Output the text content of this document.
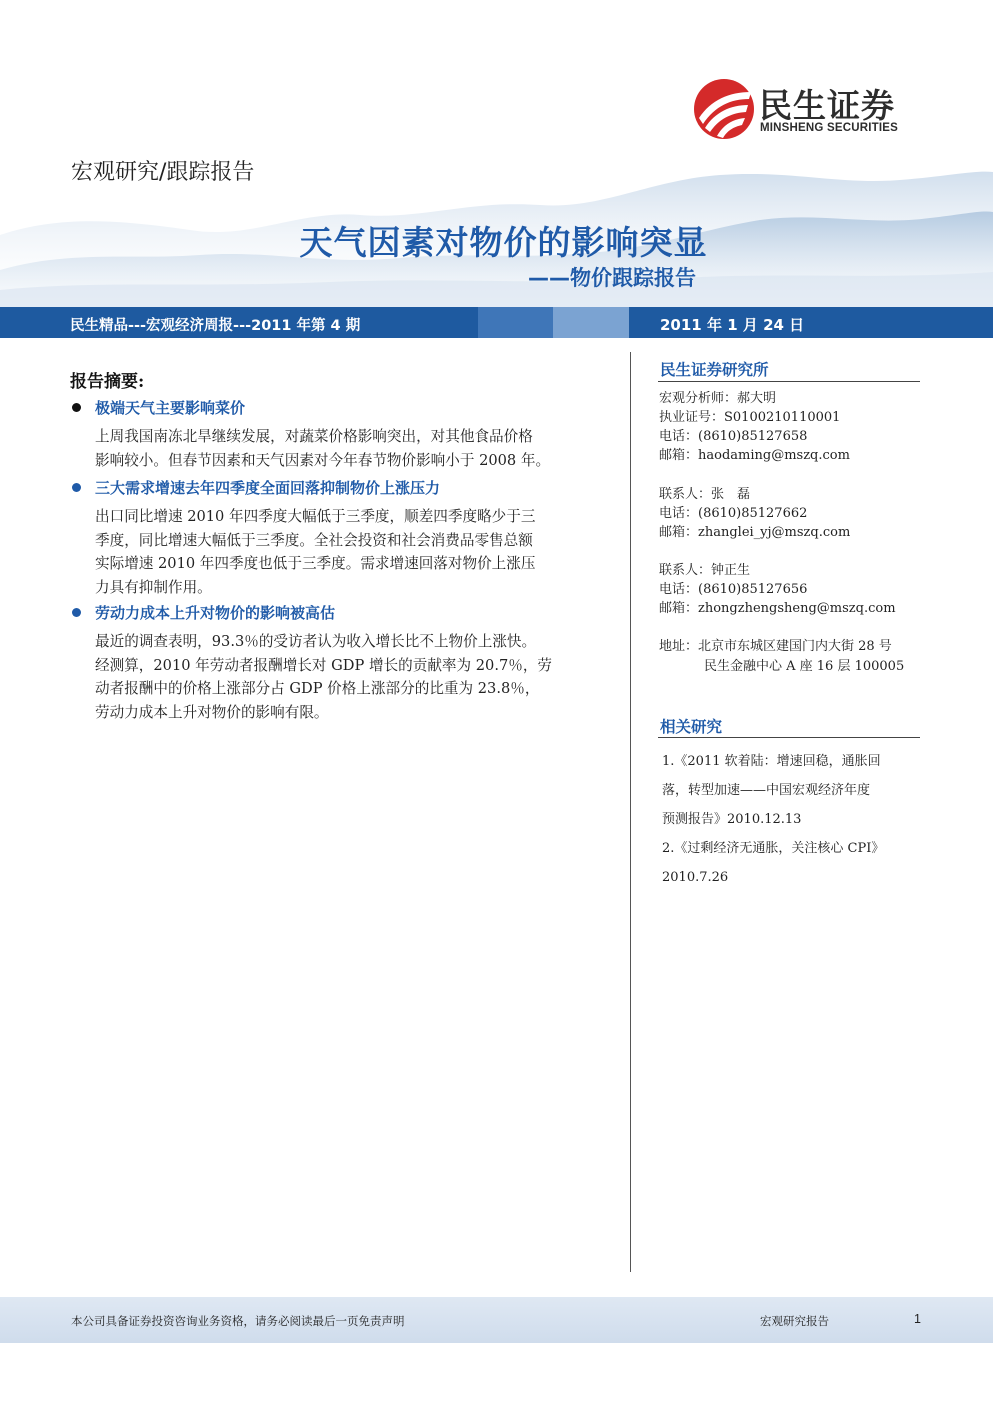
民生证券
MINSHENG SECURITIES
宏观研究/跟踪报告
天气因素对物价的影响突显
——物价跟踪报告
民生精品---宏观经济周报---2011 年第 4 期	2011 年 1 月 24 日
报告摘要:
极端天气主要影响菜价
上周我国南冻北旱继续发展，对蔬菜价格影响突出，对其他食品价格
影响较小。但春节因素和天气因素对今年春节物价影响小于 2008 年。
三大需求增速去年四季度全面回落抑制物价上涨压力
出口同比增速 2010 年四季度大幅低于三季度，顺差四季度略少于三
季度，同比增速大幅低于三季度。全社会投资和社会消费品零售总额
实际增速 2010 年四季度也低于三季度。需求增速回落对物价上涨压
力具有抑制作用。
劳动力成本上升对物价的影响被高估
最近的调查表明，93.3％的受访者认为收入增长比不上物价上涨快。
经测算，2010 年劳动者报酬增长对 GDP 增长的贡献率为 20.7％，劳
动者报酬中的价格上涨部分占 GDP 价格上涨部分的比重为 23.8％，
劳动力成本上升对物价的影响有限。
民生证券研究所
宏观分析师：郝大明
执业证号：S0100210110001
电话：(8610)85127658
邮箱：haodaming@mszq.com
联系人：张　磊
电话：(8610)85127662
邮箱：zhanglei_yj@mszq.com
联系人：钟正生
电话：(8610)85127656
邮箱：zhongzhengsheng@mszq.com
地址：北京市东城区建国门内大街 28 号
民生金融中心 A 座 16 层 100005
相关研究
1.《2011 软着陆：增速回稳，通胀回
落，转型加速——中国宏观经济年度
预测报告》2010.12.13
2.《过剩经济无通胀，关注核心 CPI》
2010.7.26
本公司具备证券投资咨询业务资格，请务必阅读最后一页免责声明	宏观研究报告	1
